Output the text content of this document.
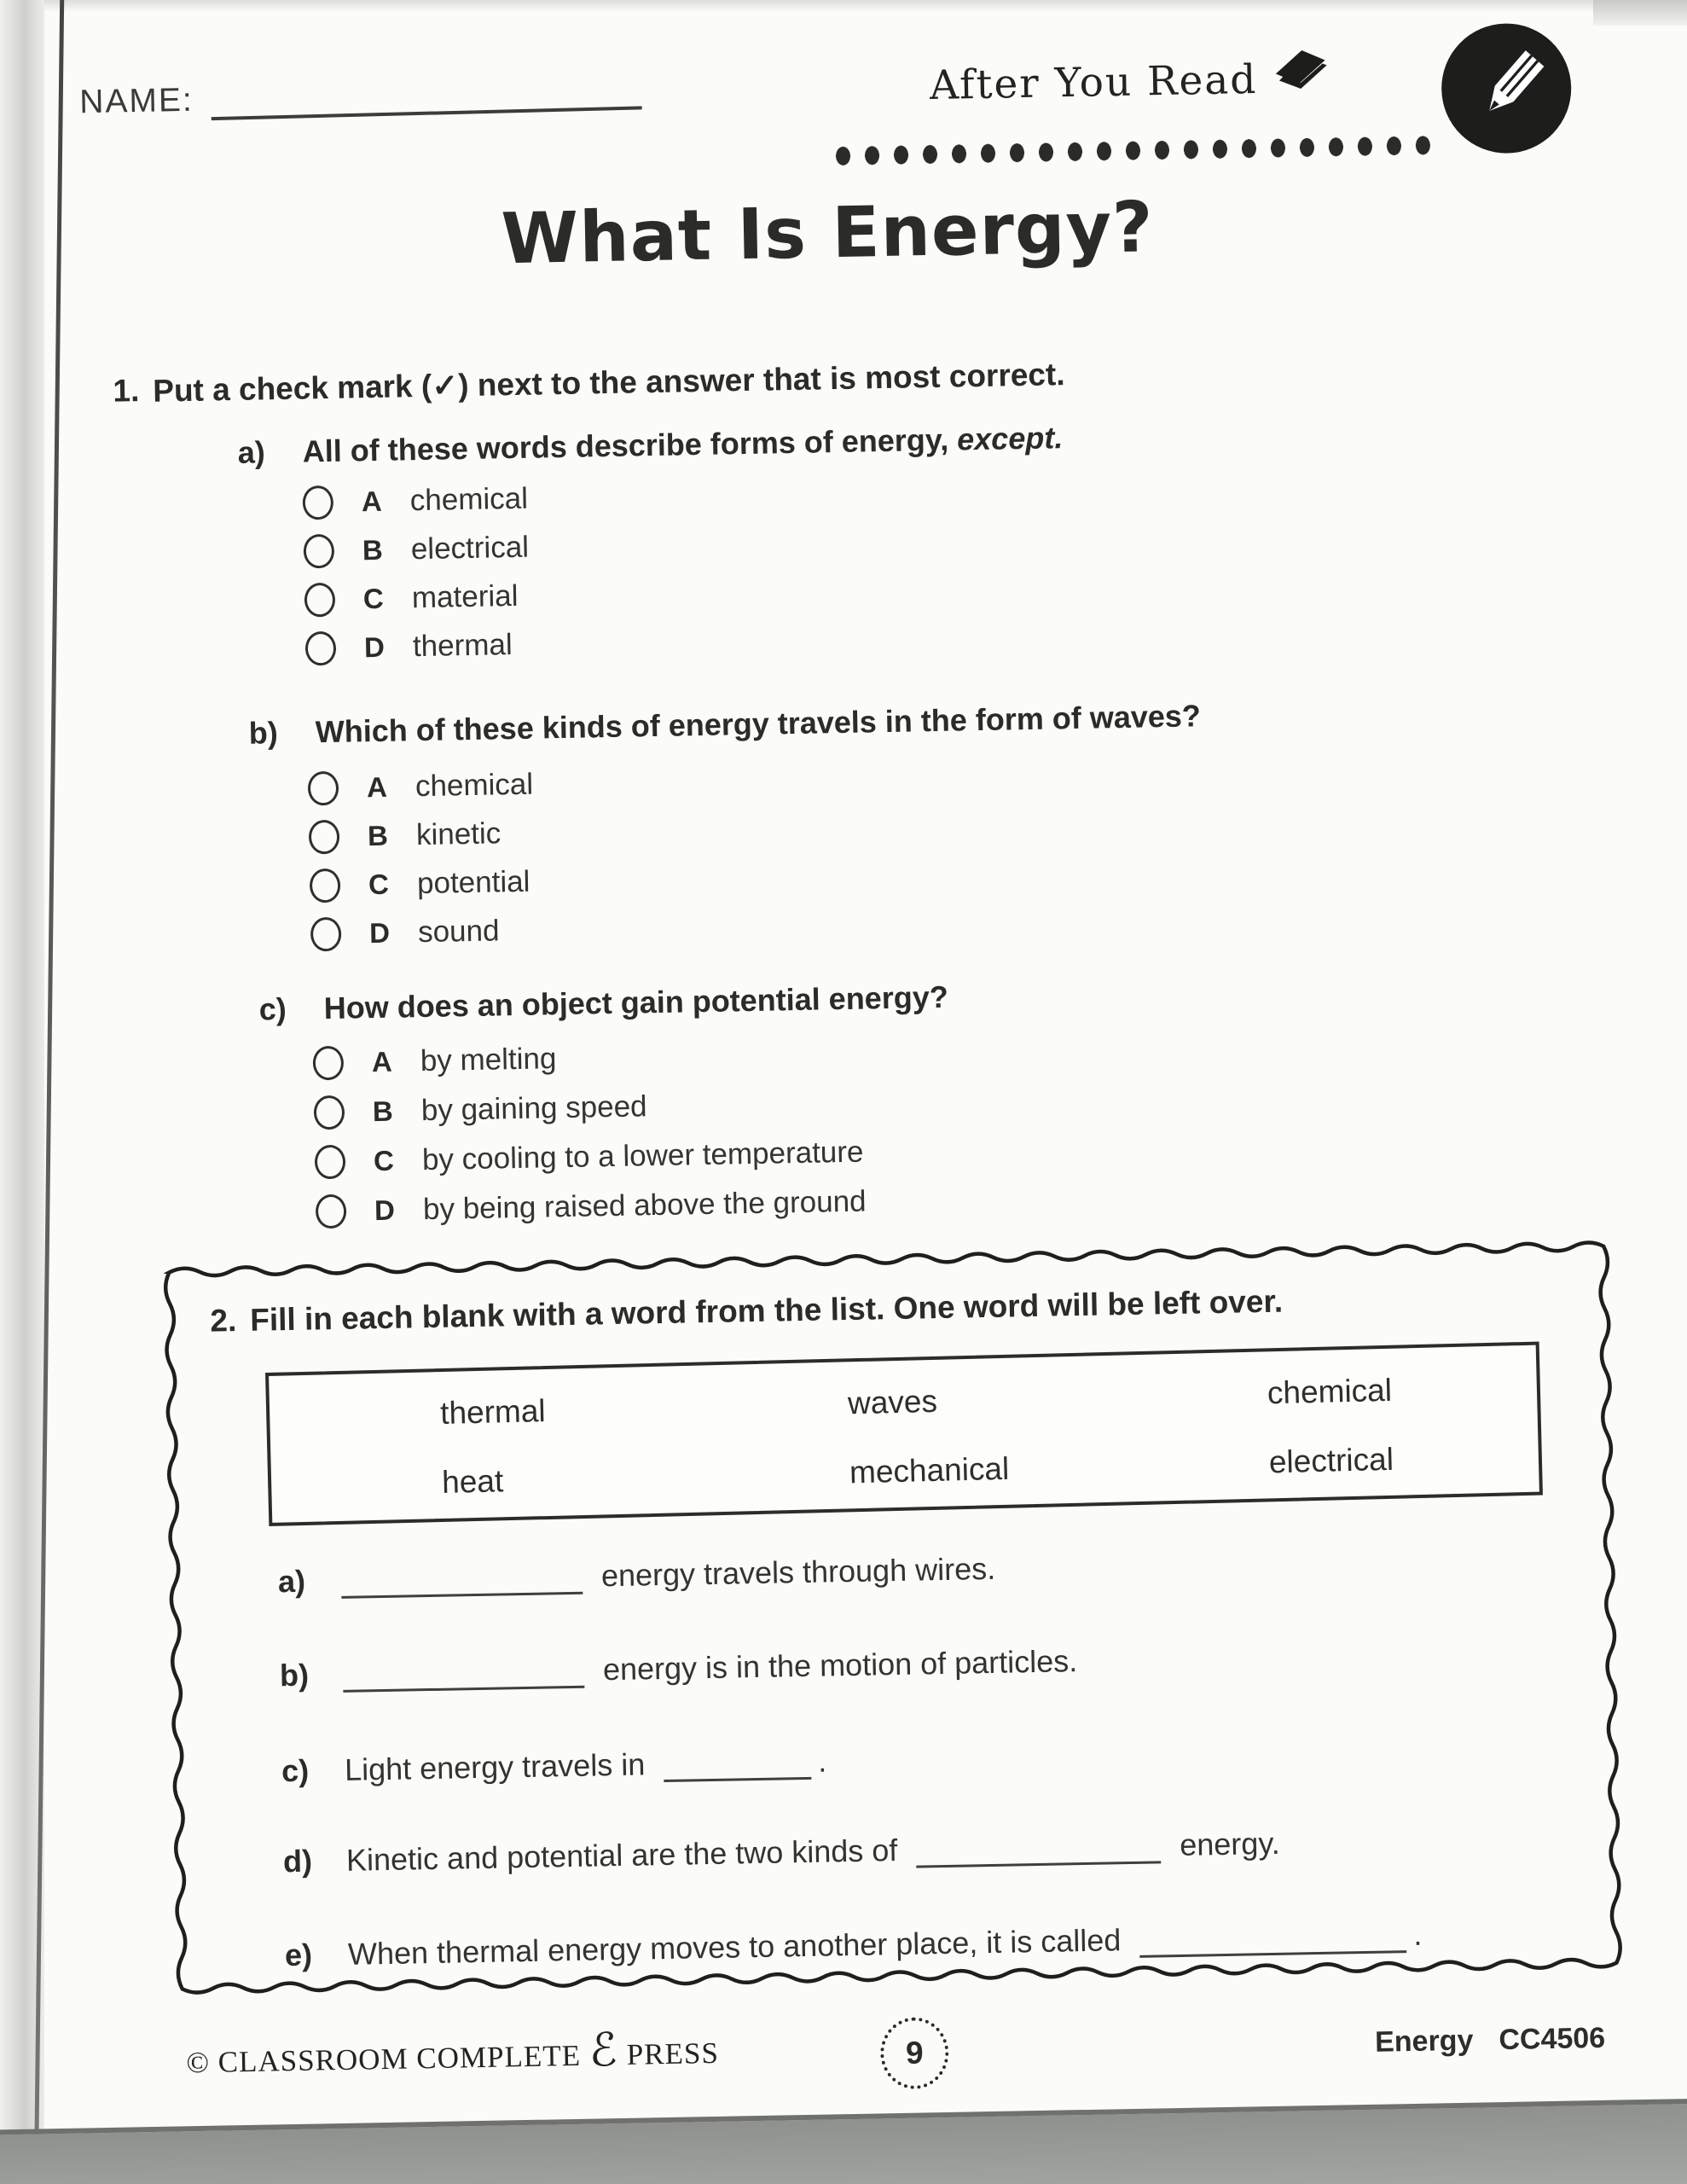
NAME:	After You Read
What Is Energy?
1. Put a check mark (✓) next to the answer that is most correct.
a) All of these words describe forms of energy, except.
A chemical
B electrical
C material
D thermal
b) Which of these kinds of energy travels in the form of waves?
A chemical
B kinetic
C potential
D sound
c) How does an object gain potential energy?
A by melting
B by gaining speed
C by cooling to a lower temperature
D by being raised above the ground
2. Fill in each blank with a word from the list. One word will be left over.
thermal	waves	chemical
heat	mechanical	electrical
a)	energy travels through wires.
b)	energy is in the motion of particles.
c)	Light energy travels in	.
d)	Kinetic and potential are the two kinds of	energy.
e)	When thermal energy moves to another place, it is called	.
© CLASSROOM COMPLETE ℰ PRESS	9	Energy CC4506
